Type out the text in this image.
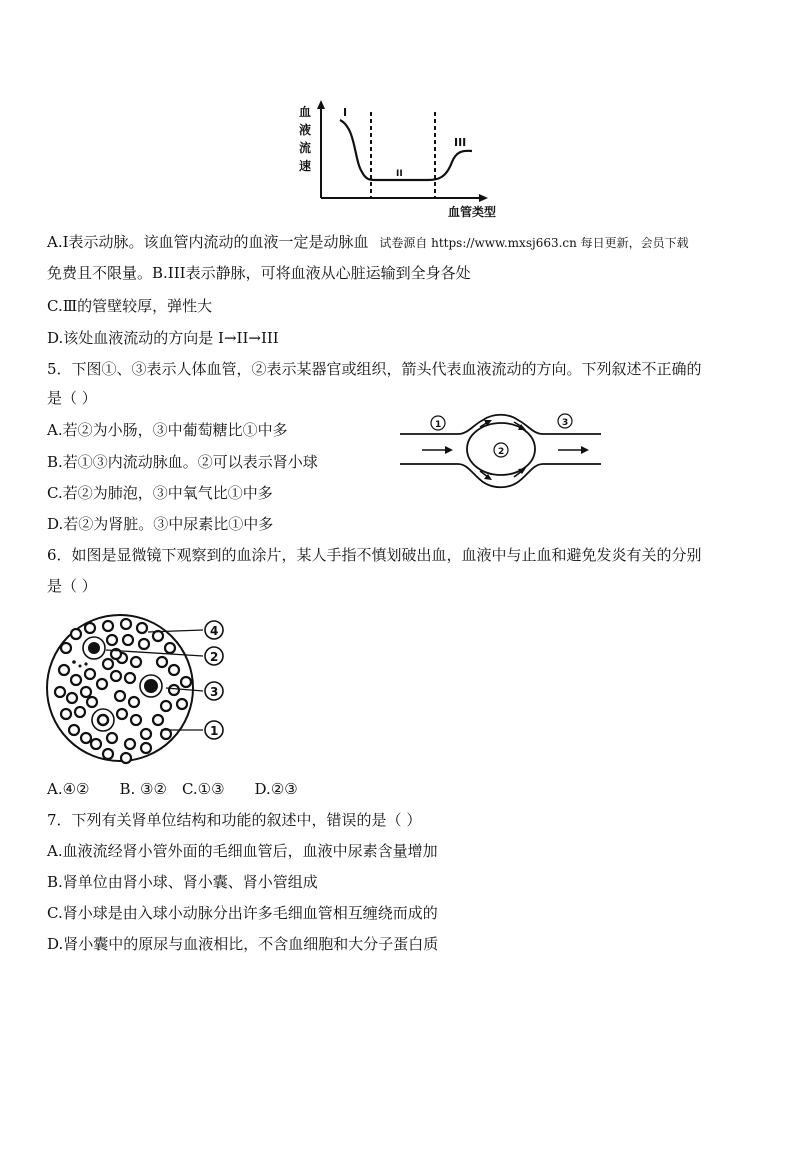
血
液
流
速
I
II
III
血管类型
A.I表示动脉。该血管内流动的血液一定是动脉血 试卷源自 https://www.mxsj663.cn 每日更新，会员下载
免费且不限量。B.III表示静脉，可将血液从心脏运输到全身各处
C.Ⅲ的管壁较厚，弹性大
D.该处血液流动的方向是 I→II→III
5．下图①、③表示人体血管，②表示某器官或组织，箭头代表血液流动的方向。下列叙述不正确的
是（ ）
A.若②为小肠，③中葡萄糖比①中多
B.若①③内流动脉血。②可以表示肾小球
C.若②为肺泡，③中氧气比①中多
D.若②为肾脏。③中尿素比①中多
1
2
3
6．如图是显微镜下观察到的血涂片，某人手指不慎划破出血，血液中与止血和避免发炎有关的分别
是（ ）
4
2
3
1
A.④②　　B. ③②　C.①③　　D.②③
7．下列有关肾单位结构和功能的叙述中，错误的是（ ）
A.血液流经肾小管外面的毛细血管后，血液中尿素含量增加
B.肾单位由肾小球、肾小囊、肾小管组成
C.肾小球是由入球小动脉分出许多毛细血管相互缠绕而成的
D.肾小囊中的原尿与血液相比，不含血细胞和大分子蛋白质
